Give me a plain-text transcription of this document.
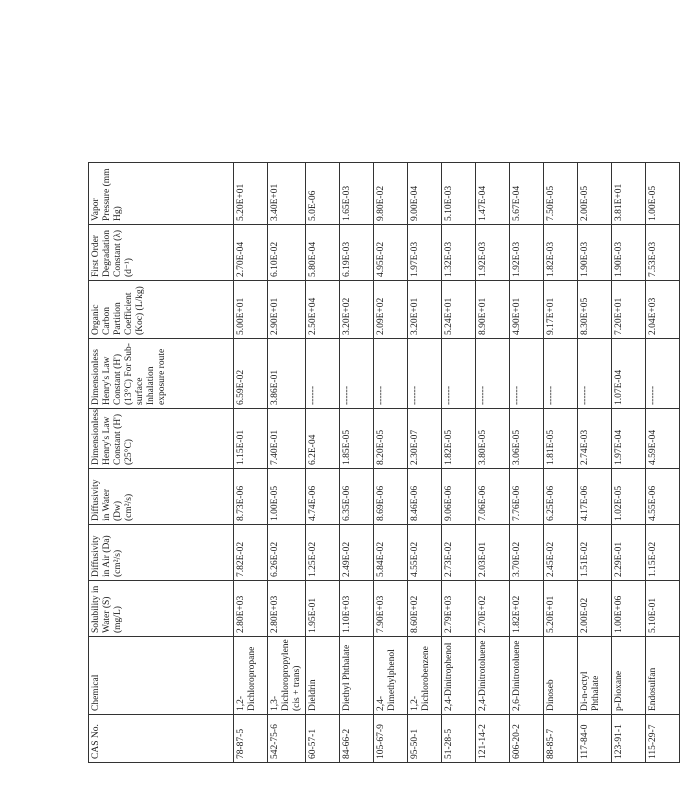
CAS No.	Chemical	Solubility in Water (S) (mg/L)	Diffusivity in Air (Da) (cm²/s)	Diffusivity in Water (Dw) (cm²/s)	Dimensionless Henry's Law Constant (H') (25°C)	Dimensionless Henry's Law Constant (H') (13°C) For Sub-surface Inhalation exposure route	Organic Carbon Partition Coefficient (Koc) (L/kg)	First Order Degradation Constant (λ) (d⁻¹)	Vapor Pressure (mm Hg)
78-87-5	1,2-Dichloropropane	2.80E+03	7.82E-02	8.73E-06	1.15E-01	6.59E-02	5.00E+01	2.70E-04	5.20E+01
542-75-6	1,3-Dichloropropylene (cis + trans)	2.80E+03	6.26E-02	1.00E-05	7.40E-01	3.86E-01	2.90E+01	6.10E-02	3.40E+01
60-57-1	Dieldrin	1.95E-01	1.25E-02	4.74E-06	6.2E-04	------	2.50E+04	5.80E-04	5.0E-06
84-66-2	Diethyl Phthalate	1.10E+03	2.49E-02	6.35E-06	1.85E-05	------	3.20E+02	6.19E-03	1.65E-03
105-67-9	2,4-Dimethylphenol	7.90E+03	5.84E-02	8.69E-06	8.20E-05	------	2.09E+02	4.95E-02	9.80E-02
95-50-1	1,2-Dichlorobenzene	8.60E+02	4.55E-02	8.46E-06	2.30E-07	------	3.20E+01	1.97E-03	9.00E-04
51-28-5	2,4-Dinitrophenol	2.79E+03	2.73E-02	9.06E-06	1.82E-05	------	5.24E+01	1.32E-03	5.10E-03
121-14-2	2,4-Dinitrotoluene	2.70E+02	2.03E-01	7.06E-06	3.80E-05	------	8.90E+01	1.92E-03	1.47E-04
606-20-2	2,6-Dinitrotoluene	1.82E+02	3.70E-02	7.76E-06	3.06E-05	------	4.90E+01	1.92E-03	5.67E-04
88-85-7	Dinoseb	5.20E+01	2.45E-02	6.25E-06	1.81E-05	------	9.17E+01	1.82E-03	7.50E-05
117-84-0	Di-n-octyl Phthalate	2.00E-02	1.51E-02	4.17E-06	2.74E-03	------	8.30E+05	1.90E-03	2.00E-05
123-91-1	p-Dioxane	1.00E+06	2.29E-01	1.02E-05	1.97E-04	1.07E-04	7.20E+01	1.90E-03	3.81E+01
115-29-7	Endosulfan	5.10E-01	1.15E-02	4.55E-06	4.59E-04	------	2.04E+03	7.53E-03	1.00E-05
